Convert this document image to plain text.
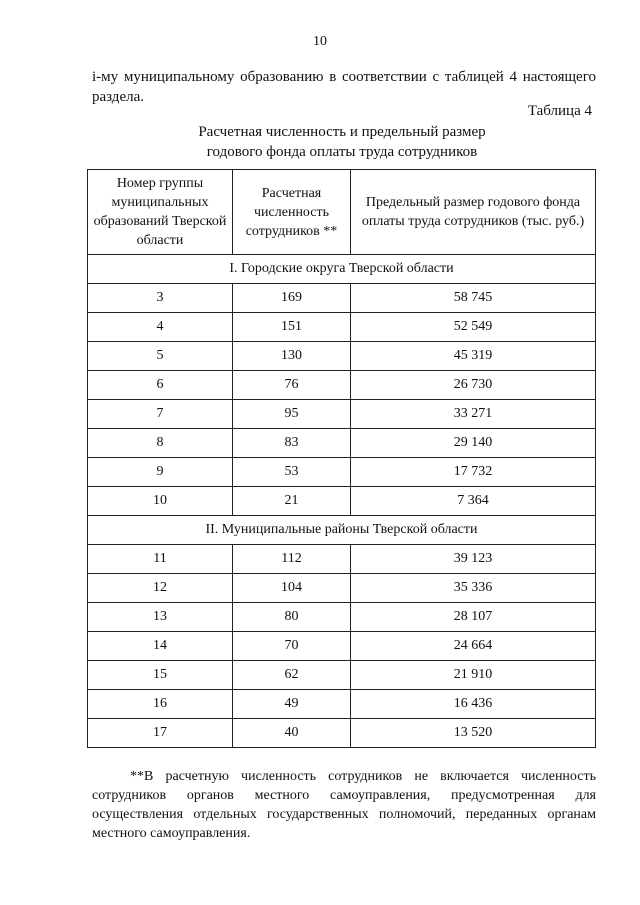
10
i-му муниципальному образованию в соответствии с таблицей 4 настоящего раздела.
Таблица 4
Расчетная численность и предельный размер
годового фонда оплаты труда сотрудников
Номер группы муниципальных образований Тверской области	Расчетная численность сотрудников **	Предельный размер годового фонда оплаты труда сотрудников (тыс. руб.)
I. Городские округа Тверской области		
3	169	58 745
4	151	52 549
5	130	45 319
6	76	26 730
7	95	33 271
8	83	29 140
9	53	17 732
10	21	7 364
II. Муниципальные районы Тверской области		
11	112	39 123
12	104	35 336
13	80	28 107
14	70	24 664
15	62	21 910
16	49	16 436
17	40	13 520
**В расчетную численность сотрудников не включается численность сотрудников органов местного самоуправления, предусмотренная для осуществления отдельных государственных полномочий, переданных органам местного самоуправления.
